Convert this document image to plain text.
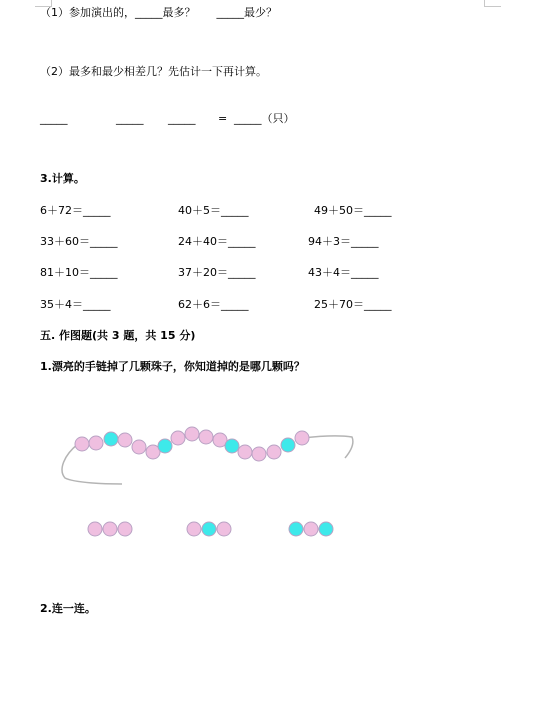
（1）参加演出的，_____最多？      _____最少？
（2）最多和最少相差几？先估计一下再计算。
_____	_____ _____ = _____（只）
3.计算。
6＋72＝_____	40＋5＝_____	49＋50＝_____
33＋60＝_____	24＋40＝_____	94＋3＝_____
81＋10＝_____	37＋20＝_____	43＋4＝_____
35＋4＝_____	62＋6＝_____	25＋70＝_____
五. 作图题(共 3 题，共 15 分)
1.漂亮的手链掉了几颗珠子，你知道掉的是哪几颗吗？
2.连一连。
